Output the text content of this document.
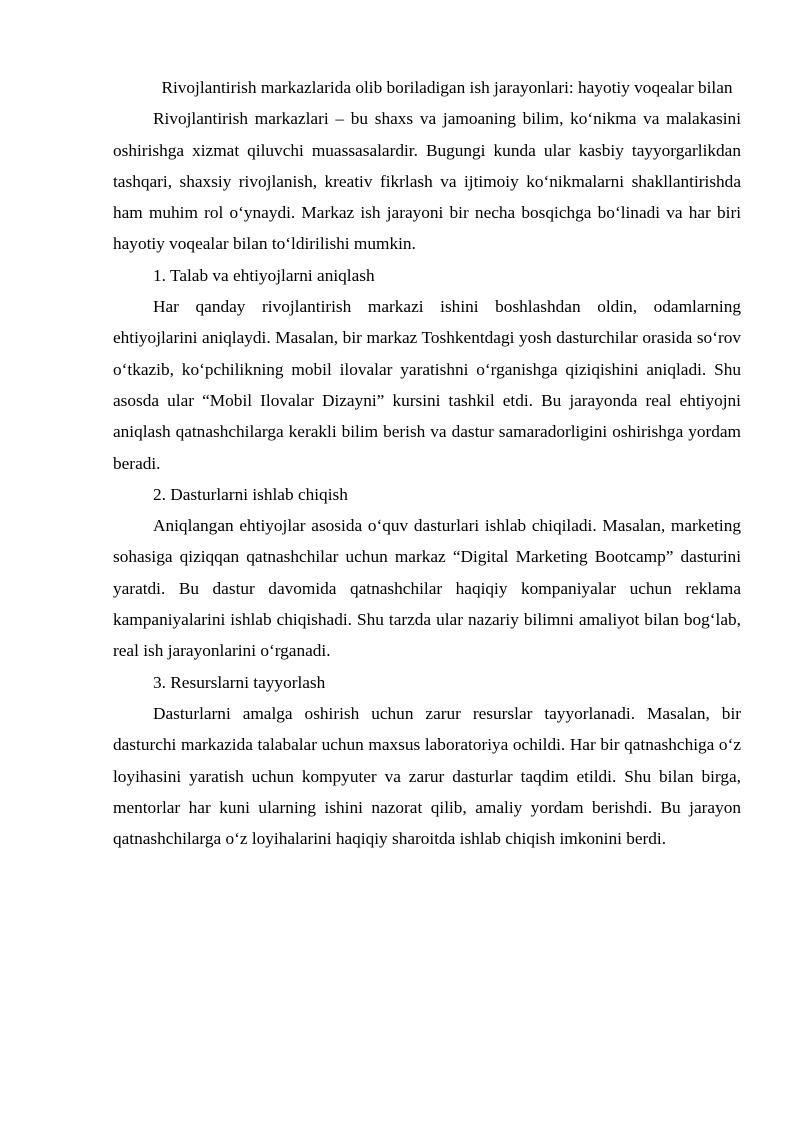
Rivojlantirish markazlarida olib boriladigan ish jarayonlari: hayotiy voqealar bilan

Rivojlantirish markazlari – bu shaxs va jamoaning bilim, ko‘nikma va malakasini oshirishga xizmat qiluvchi muassasalardir. Bugungi kunda ular kasbiy tayyorgarlikdan tashqari, shaxsiy rivojlanish, kreativ fikrlash va ijtimoiy ko‘nikmalarni shakllantirishda ham muhim rol o‘ynaydi. Markaz ish jarayoni bir necha bosqichga bo‘linadi va har biri hayotiy voqealar bilan to‘ldirilishi mumkin.

1. Talab va ehtiyojlarni aniqlash

Har qanday rivojlantirish markazi ishini boshlashdan oldin, odamlarning ehtiyojlarini aniqlaydi. Masalan, bir markaz Toshkentdagi yosh dasturchilar orasida so‘rov o‘tkazib, ko‘pchilikning mobil ilovalar yaratishni o‘rganishga qiziqishini aniqladi. Shu asosda ular “Mobil Ilovalar Dizayni” kursini tashkil etdi. Bu jarayonda real ehtiyojni aniqlash qatnashchilarga kerakli bilim berish va dastur samaradorligini oshirishga yordam beradi.

2. Dasturlarni ishlab chiqish

Aniqlangan ehtiyojlar asosida o‘quv dasturlari ishlab chiqiladi. Masalan, marketing sohasiga qiziqqan qatnashchilar uchun markaz “Digital Marketing Bootcamp” dasturini yaratdi. Bu dastur davomida qatnashchilar haqiqiy kompaniyalar uchun reklama kampaniyalarini ishlab chiqishadi. Shu tarzda ular nazariy bilimni amaliyot bilan bog‘lab, real ish jarayonlarini o‘rganadi.

3. Resurslarni tayyorlash

Dasturlarni amalga oshirish uchun zarur resurslar tayyorlanadi. Masalan, bir dasturchi markazida talabalar uchun maxsus laboratoriya ochildi. Har bir qatnashchiga o‘z loyihasini yaratish uchun kompyuter va zarur dasturlar taqdim etildi. Shu bilan birga, mentorlar har kuni ularning ishini nazorat qilib, amaliy yordam berishdi. Bu jarayon qatnashchilarga o‘z loyihalarini haqiqiy sharoitda ishlab chiqish imkonini berdi.
